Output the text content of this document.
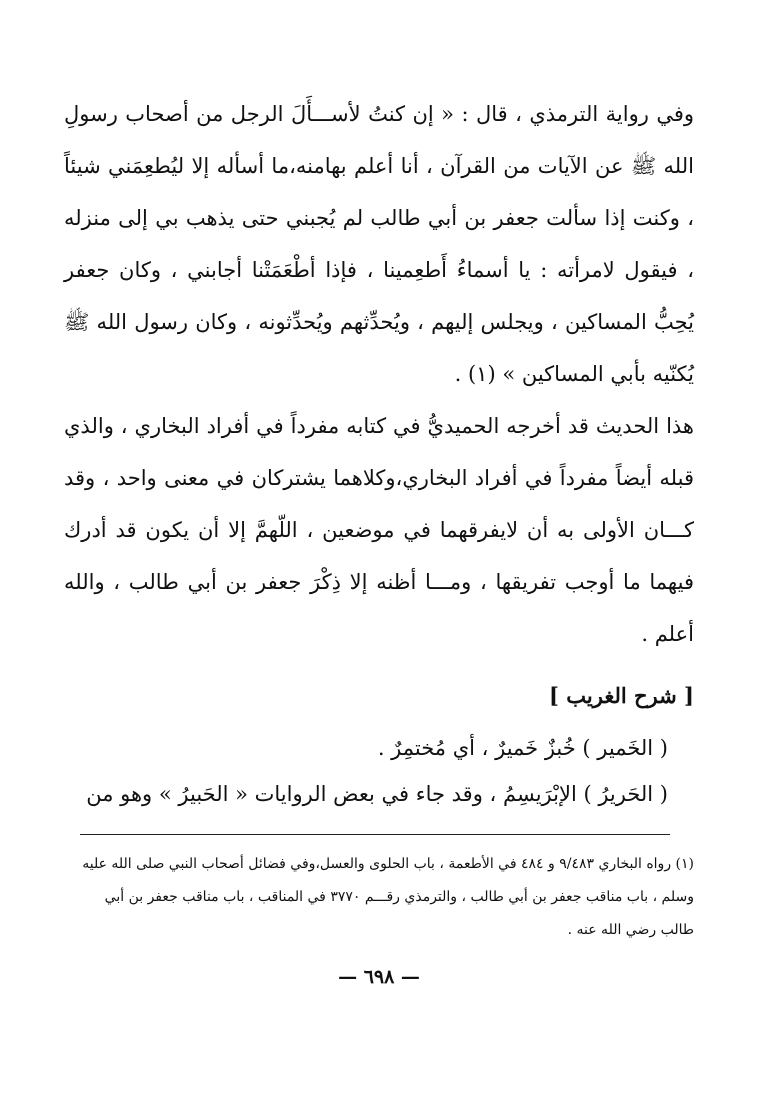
وفي رواية الترمذي ، قال : « إن كنتُ لأســـأَلَ الرجل من أصحاب رسولِ الله ﷺ عن الآيات من القرآن ، أنا أعلم بهامنه،ما أسأله إلا ليُطعِمَني شيئاً ، وكنت إذا سألت جعفر بن أبي طالب لم يُجبني حتى يذهب بي إلى منزله ، فيقول لامرأته : يا أسماءُ أَطعِمينا ، فإذا أطْعَمَتْنا أجابني ، وكان جعفر يُحِبُّ المساكين ، ويجلس إليهم ، ويُحدِّثهم ويُحدِّثونه ، وكان رسول الله ﷺ يُكنّيه بأبي المساكين » (١) .

هذا الحديث قد أخرجه الحميديُّ في كتابه مفرداً في أفراد البخاري ، والذي قبله أيضاً مفرداً في أفراد البخاري،وكلاهما يشتركان في معنى واحد ، وقد كـــان الأولى به أن لايفرقهما في موضعين ، اللّهمَّ إلا أن يكون قد أدرك فيهما ما أوجب تفريقها ، ومـــا أظنه إلا ذِكْرَ جعفر بن أبي طالب ، والله أعلم .

[ شرح الغريب ]

( الخَمير ) خُبزٌ خَميرٌ ، أي مُختمِرٌ .

( الحَريرُ ) الإبْرَيسِمُ ، وقد جاء في بعض الروايات « الحَبيرُ » وهو من

(١) رواه البخاري ٩/٤٨٣ و ٤٨٤ في الأطعمة ، باب الحلوى والعسل،وفي فضائل أصحاب النبي صلى الله عليه وسلم ، باب مناقب جعفر بن أبي طالب ، والترمذي رقـــم ٣٧٧٠ في المناقب ، باب مناقب جعفر بن أبي طالب رضي الله عنه .

— ٦٩٨ —
